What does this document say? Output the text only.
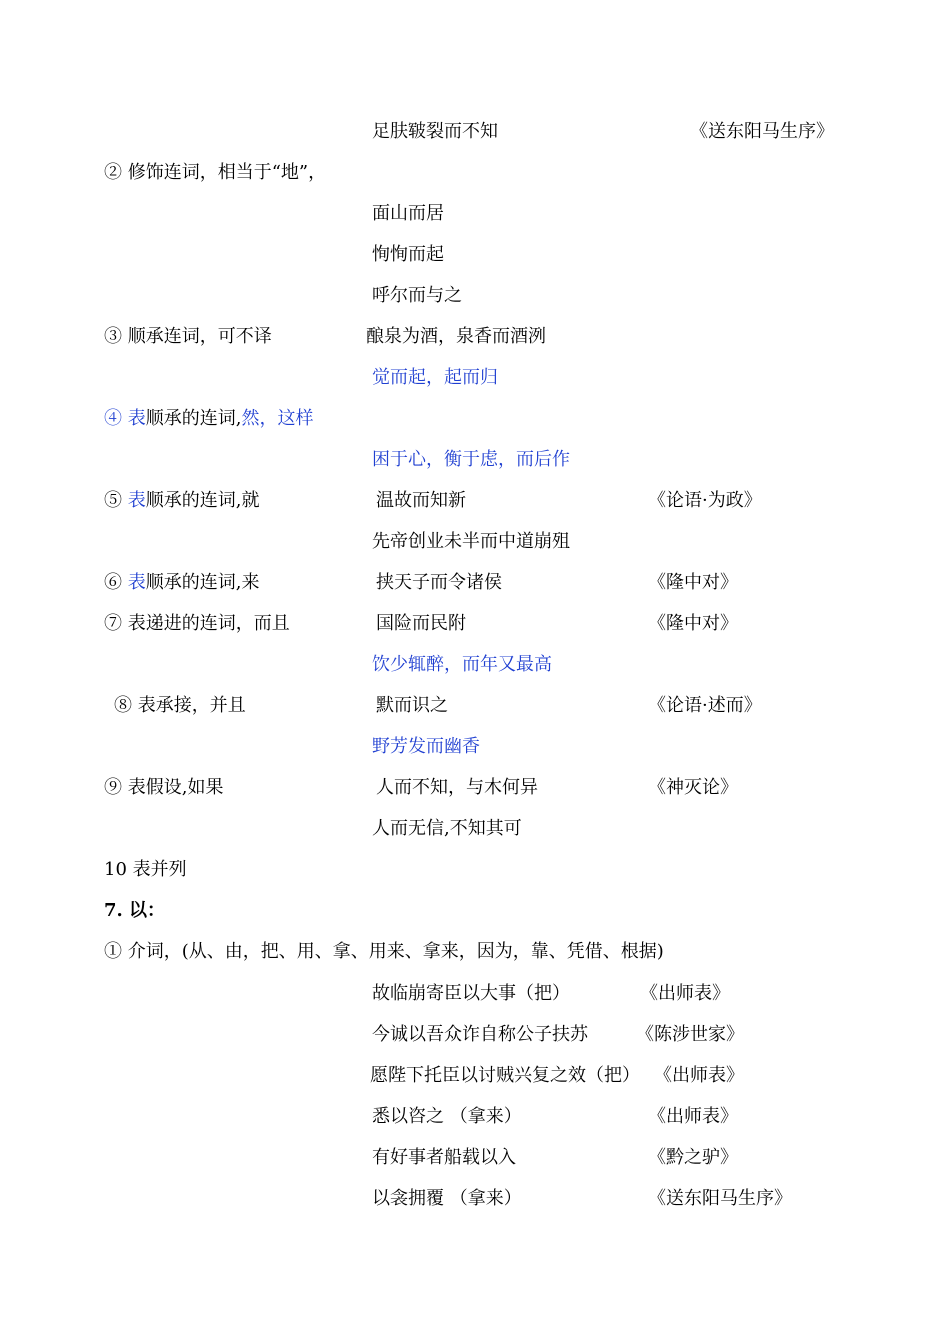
足肤皲裂而不知	《送东阳马生序》
② 修饰连词，相当于“地”，
面山而居
恂恂而起
呼尔而与之
③ 顺承连词，可不译	酿泉为酒，泉香而酒洌
觉而起，起而归
④ 表顺承的连词,然，这样
困于心，衡于虑，而后作
⑤ 表顺承的连词,就	温故而知新	《论语·为政》
先帝创业未半而中道崩殂
⑥ 表顺承的连词,来	挟天子而令诸侯	《隆中对》
⑦ 表递进的连词，而且	国险而民附	《隆中对》
饮少辄醉，而年又最高
⑧ 表承接，并且	默而识之	《论语·述而》
野芳发而幽香
⑨ 表假设,如果	人而不知，与木何异	《神灭论》
人而无信,不知其可
10 表并列
7. 以：
① 介词，(从、由，把、用、拿、用来、拿来，因为，靠、凭借、根据)
故临崩寄臣以大事（把）	《出师表》
今诚以吾众诈自称公子扶苏	《陈涉世家》
愿陛下托臣以讨贼兴复之效（把） 《出师表》
悉以咨之 （拿来）	《出师表》
有好事者船载以入	《黔之驴》
以衾拥覆 （拿来）	《送东阳马生序》
